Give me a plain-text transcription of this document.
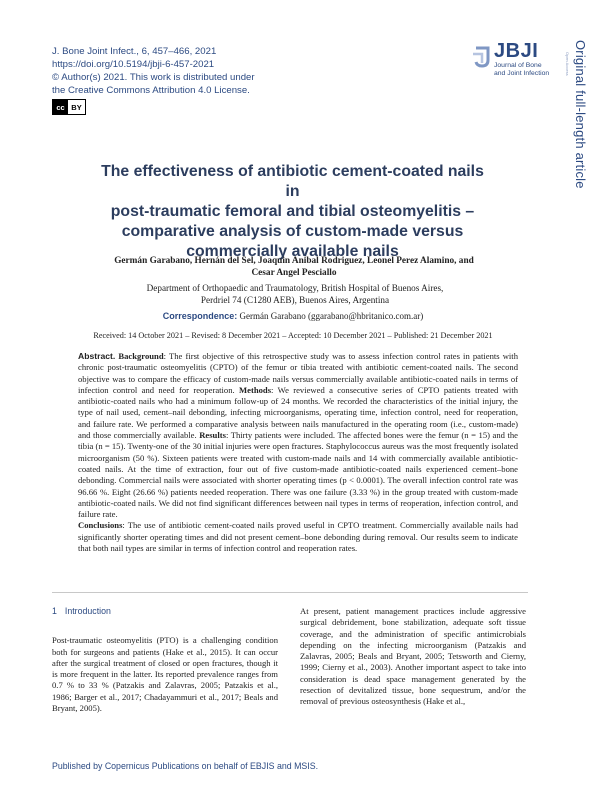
J. Bone Joint Infect., 6, 457–466, 2021
https://doi.org/10.5194/jbji-6-457-2021
© Author(s) 2021. This work is distributed under
the Creative Commons Attribution 4.0 License.
cc BY
JBJI
Journal of Bone
and Joint Infection	Open Access Original full-length article
The effectiveness of antibiotic cement-coated nails in
post-traumatic femoral and tibial osteomyelitis –
comparative analysis of custom-made versus
commercially available nails
Germán Garabano, Hernán del Sel, Joaquin Anibal Rodriguez, Leonel Perez Alamino, and
Cesar Angel Pesciallo
Department of Orthopaedic and Traumatology, British Hospital of Buenos Aires,
Perdriel 74 (C1280 AEB), Buenos Aires, Argentina
Correspondence: Germán Garabano (ggarabano@hbritanico.com.ar)
Received: 14 October 2021 – Revised: 8 December 2021 – Accepted: 10 December 2021 – Published: 21 December 2021

Abstract. Background: The first objective of this retrospective study was to assess infection control rates in patients with chronic post-traumatic osteomyelitis (CPTO) of the femur or tibia treated with antibiotic cement-coated nails. The second objective was to compare the efficacy of custom-made nails versus commercially available antibiotic-coated nails in terms of infection control and need for reoperation. Methods: We reviewed a consecutive series of CPTO patients treated with antibiotic-coated nails who had a minimum follow-up of 24 months. We recorded the characteristics of the initial injury, the type of nail used, cement–nail debonding, infecting microorganisms, operating time, infection control, need for reoperation, and failure rate. We performed a comparative analysis between nails manufactured in the operating room (i.e., custom-made) and those commercially available. Results: Thirty patients were included. The affected bones were the femur (n = 15) and the tibia (n = 15). Twenty-one of the 30 initial injuries were open fractures. Staphylococcus aureus was the most frequently isolated microorganism (50 %). Sixteen patients were treated with custom-made nails and 14 with commercially available antibiotic-coated nails. At the time of extraction, four out of five custom-made antibiotic-coated nails experienced cement–bone debonding. Commercial nails were associated with shorter operating times (p < 0.0001). The overall infection control rate was 96.66 %. Eight (26.66 %) patients needed reoperation. There was one failure (3.33 %) in the group treated with custom-made antibiotic-coated nails. We did not find significant differences between nail types in terms of reoperation, infection control, and failure rate.

Conclusions: The use of antibiotic cement-coated nails proved useful in CPTO treatment. Commercially available nails had significantly shorter operating times and did not present cement–bone debonding during removal. Our results seem to indicate that both nail types are similar in terms of infection control and reoperation rates.

1 Introduction

Post-traumatic osteomyelitis (PTO) is a challenging condition both for surgeons and patients (Hake et al., 2015). It can occur after the surgical treatment of closed or open fractures, though it is more frequent in the latter. Its reported prevalence ranges from 0.7 % to 33 % (Patzakis and Zalavras, 2005; Patzakis et al., 1986; Barger et al., 2017; Chadayammuri et al., 2017; Beals and Bryant, 2005).

At present, patient management practices include aggressive surgical debridement, bone stabilization, adequate soft tissue coverage, and the administration of specific antimicrobials depending on the infecting microorganism (Patzakis and Zalavras, 2005; Beals and Bryant, 2005; Tetsworth and Cierny, 1999; Cierny et al., 2003). Another important aspect to take into consideration is dead space management generated by the resection of devitalized tissue, bone sequestrum, and/or the removal of previous osteosynthesis (Hake et al.,

Published by Copernicus Publications on behalf of EBJIS and MSIS.
